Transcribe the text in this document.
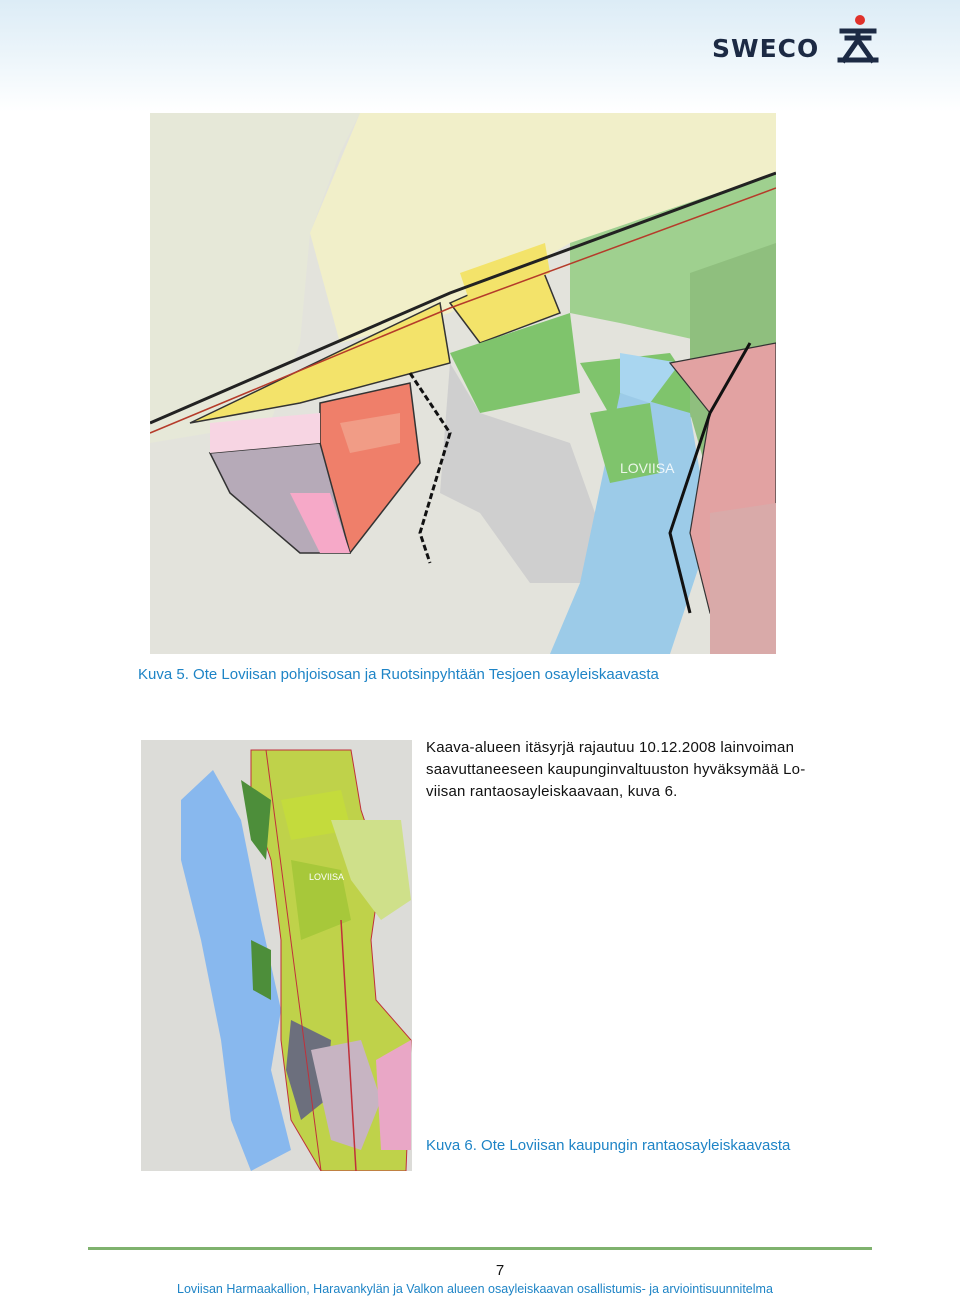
SWECO
LOVIISA
Kuva 5. Ote Loviisan pohjoisosan ja Ruotsinpyhtään Tesjoen osayleiskaavasta
LOVIISA
Kaava-alueen itäsyrjä rajautuu 10.12.2008 lainvoiman
saavuttaneeseen kaupunginvaltuuston hyväksymää Lo-
viisan rantaosayleiskaavaan, kuva 6.
Kuva 6. Ote Loviisan kaupungin rantaosayleiskaavasta
7
Loviisan Harmaakallion, Haravankylän ja Valkon alueen osayleiskaavan osallistumis- ja arviointisuunnitelma
